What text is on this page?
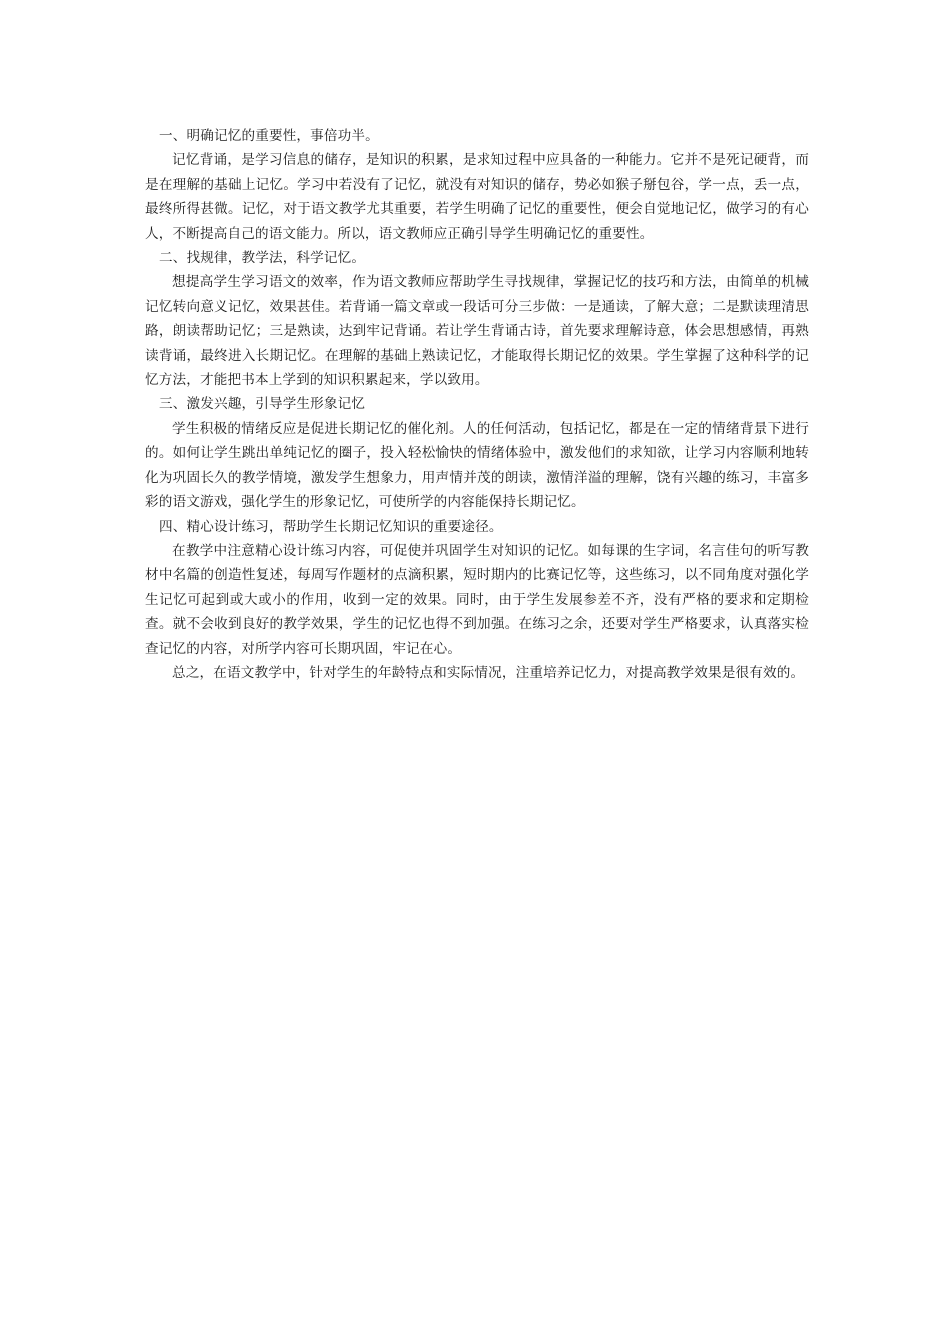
一、明确记忆的重要性，事倍功半。

记忆背诵，是学习信息的储存，是知识的积累，是求知过程中应具备的一种能力。它并不是死记硬背，而是在理解的基础上记忆。学习中若没有了记忆，就没有对知识的储存，势必如猴子掰包谷，学一点，丢一点，最终所得甚微。记忆，对于语文教学尤其重要，若学生明确了记忆的重要性，便会自觉地记忆，做学习的有心人，不断提高自己的语文能力。所以，语文教师应正确引导学生明确记忆的重要性。

二、找规律，教学法，科学记忆。

想提高学生学习语文的效率，作为语文教师应帮助学生寻找规律，掌握记忆的技巧和方法，由简单的机械记忆转向意义记忆，效果甚佳。若背诵一篇文章或一段话可分三步做：一是通读，了解大意；二是默读理清思路，朗读帮助记忆；三是熟读，达到牢记背诵。若让学生背诵古诗，首先要求理解诗意，体会思想感情，再熟读背诵，最终进入长期记忆。在理解的基础上熟读记忆，才能取得长期记忆的效果。学生掌握了这种科学的记忆方法，才能把书本上学到的知识积累起来，学以致用。

三、激发兴趣，引导学生形象记忆

学生积极的情绪反应是促进长期记忆的催化剂。人的任何活动，包括记忆，都是在一定的情绪背景下进行的。如何让学生跳出单纯记忆的圈子，投入轻松愉快的情绪体验中，激发他们的求知欲，让学习内容顺利地转化为巩固长久的教学情境，激发学生想象力，用声情并茂的朗读，激情洋溢的理解，饶有兴趣的练习，丰富多彩的语文游戏，强化学生的形象记忆，可使所学的内容能保持长期记忆。

四、精心设计练习，帮助学生长期记忆知识的重要途径。

在教学中注意精心设计练习内容，可促使并巩固学生对知识的记忆。如每课的生字词，名言佳句的听写教材中名篇的创造性复述，每周写作题材的点滴积累，短时期内的比赛记忆等，这些练习，以不同角度对强化学生记忆可起到或大或小的作用，收到一定的效果。同时，由于学生发展参差不齐，没有严格的要求和定期检查。就不会收到良好的教学效果，学生的记忆也得不到加强。在练习之余，还要对学生严格要求，认真落实检查记忆的内容，对所学内容可长期巩固，牢记在心。

总之，在语文教学中，针对学生的年龄特点和实际情况，注重培养记忆力，对提高教学效果是很有效的。
